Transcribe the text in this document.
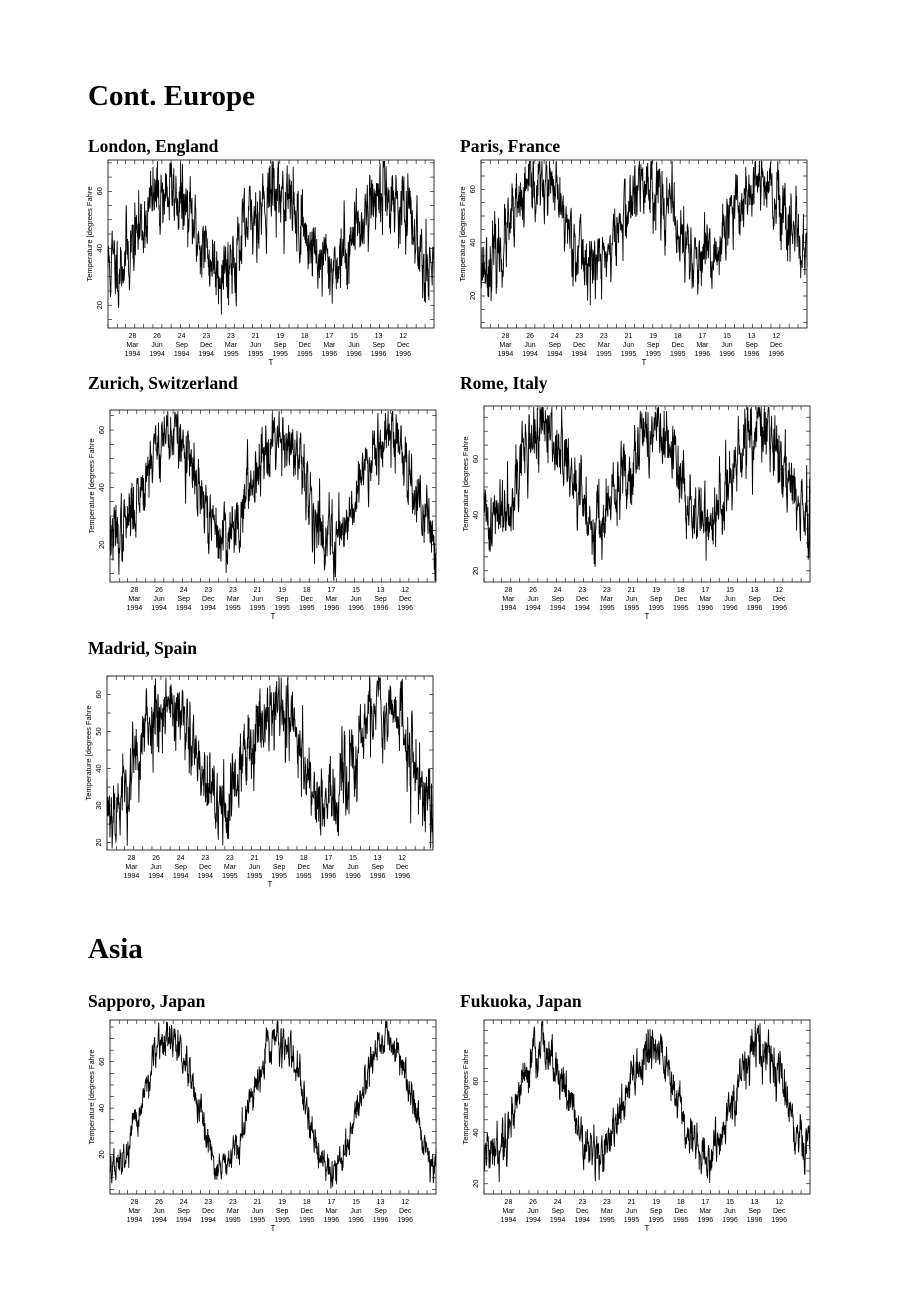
Cont. Europe
London, England
20
40
60
Temperature [degrees Fahre
28
Mar
1994
26
Jun
1994
24
Sep
1994
23
Dec
1994
23
Mar
1995
21
Jun
1995
19
Sep
1995
18
Dec
1995
17
Mar
1996
15
Jun
1996
13
Sep
1996
12
Dec
1996
T
Paris, France
20
40
60
Temperature [degrees Fahre
28
Mar
1994
26
Jun
1994
24
Sep
1994
23
Dec
1994
23
Mar
1995
21
Jun
1995
19
Sep
1995
18
Dec
1995
17
Mar
1996
15
Jun
1996
13
Sep
1996
12
Dec
1996
T
Zurich, Switzerland
20
40
60
Temperature [degrees Fahre
28
Mar
1994
26
Jun
1994
24
Sep
1994
23
Dec
1994
23
Mar
1995
21
Jun
1995
19
Sep
1995
18
Dec
1995
17
Mar
1996
15
Jun
1996
13
Sep
1996
12
Dec
1996
T
Rome, Italy
20
40
60
Temperature [degrees Fahre
28
Mar
1994
26
Jun
1994
24
Sep
1994
23
Dec
1994
23
Mar
1995
21
Jun
1995
19
Sep
1995
18
Dec
1995
17
Mar
1996
15
Jun
1996
13
Sep
1996
12
Dec
1996
T
Madrid, Spain
20
30
40
50
60
Temperature [degrees Fahre
28
Mar
1994
26
Jun
1994
24
Sep
1994
23
Dec
1994
23
Mar
1995
21
Jun
1995
19
Sep
1995
18
Dec
1995
17
Mar
1996
15
Jun
1996
13
Sep
1996
12
Dec
1996
T
Asia
Sapporo, Japan
20
40
60
Temperature [degrees Fahre
28
Mar
1994
26
Jun
1994
24
Sep
1994
23
Dec
1994
23
Mar
1995
21
Jun
1995
19
Sep
1995
18
Dec
1995
17
Mar
1996
15
Jun
1996
13
Sep
1996
12
Dec
1996
T
Fukuoka, Japan
20
40
60
Temperature [degrees Fahre
28
Mar
1994
26
Jun
1994
24
Sep
1994
23
Dec
1994
23
Mar
1995
21
Jun
1995
19
Sep
1995
18
Dec
1995
17
Mar
1996
15
Jun
1996
13
Sep
1996
12
Dec
1996
T
